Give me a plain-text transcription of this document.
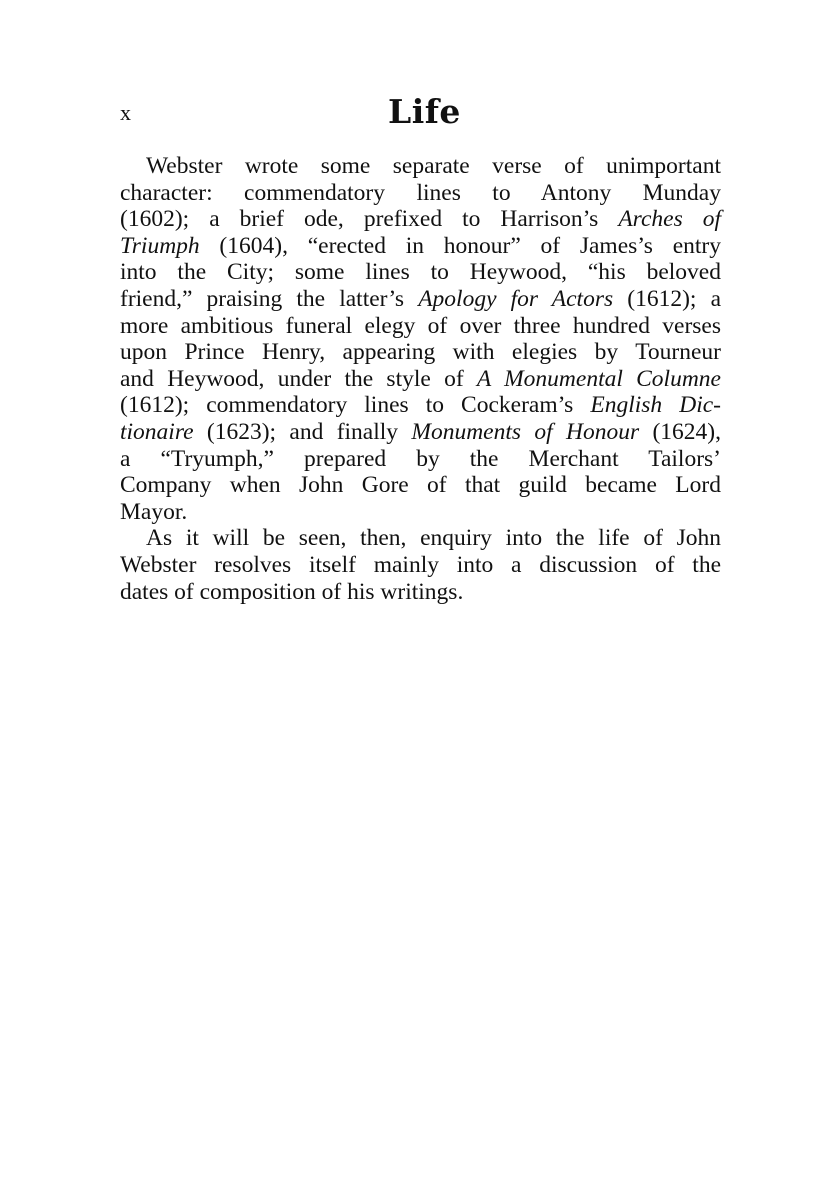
x	Life
Webster wrote some separate verse of unimportant
character: commendatory lines to Antony Munday
(1602); a brief ode, prefixed to Harrison’s Arches of
Triumph (1604), “erected in honour” of James’s entry
into the City; some lines to Heywood, “his beloved
friend,” praising the latter’s Apology for Actors (1612); a
more ambitious funeral elegy of over three hundred verses
upon Prince Henry, appearing with elegies by Tourneur
and Heywood, under the style of A Monumental Columne
(1612); commendatory lines to Cockeram’s English Dic-
tionaire (1623); and finally Monuments of Honour (1624),
a “Tryumph,” prepared by the Merchant Tailors’
Company when John Gore of that guild became Lord
Mayor.
As it will be seen, then, enquiry into the life of John
Webster resolves itself mainly into a discussion of the
dates of composition of his writings.
